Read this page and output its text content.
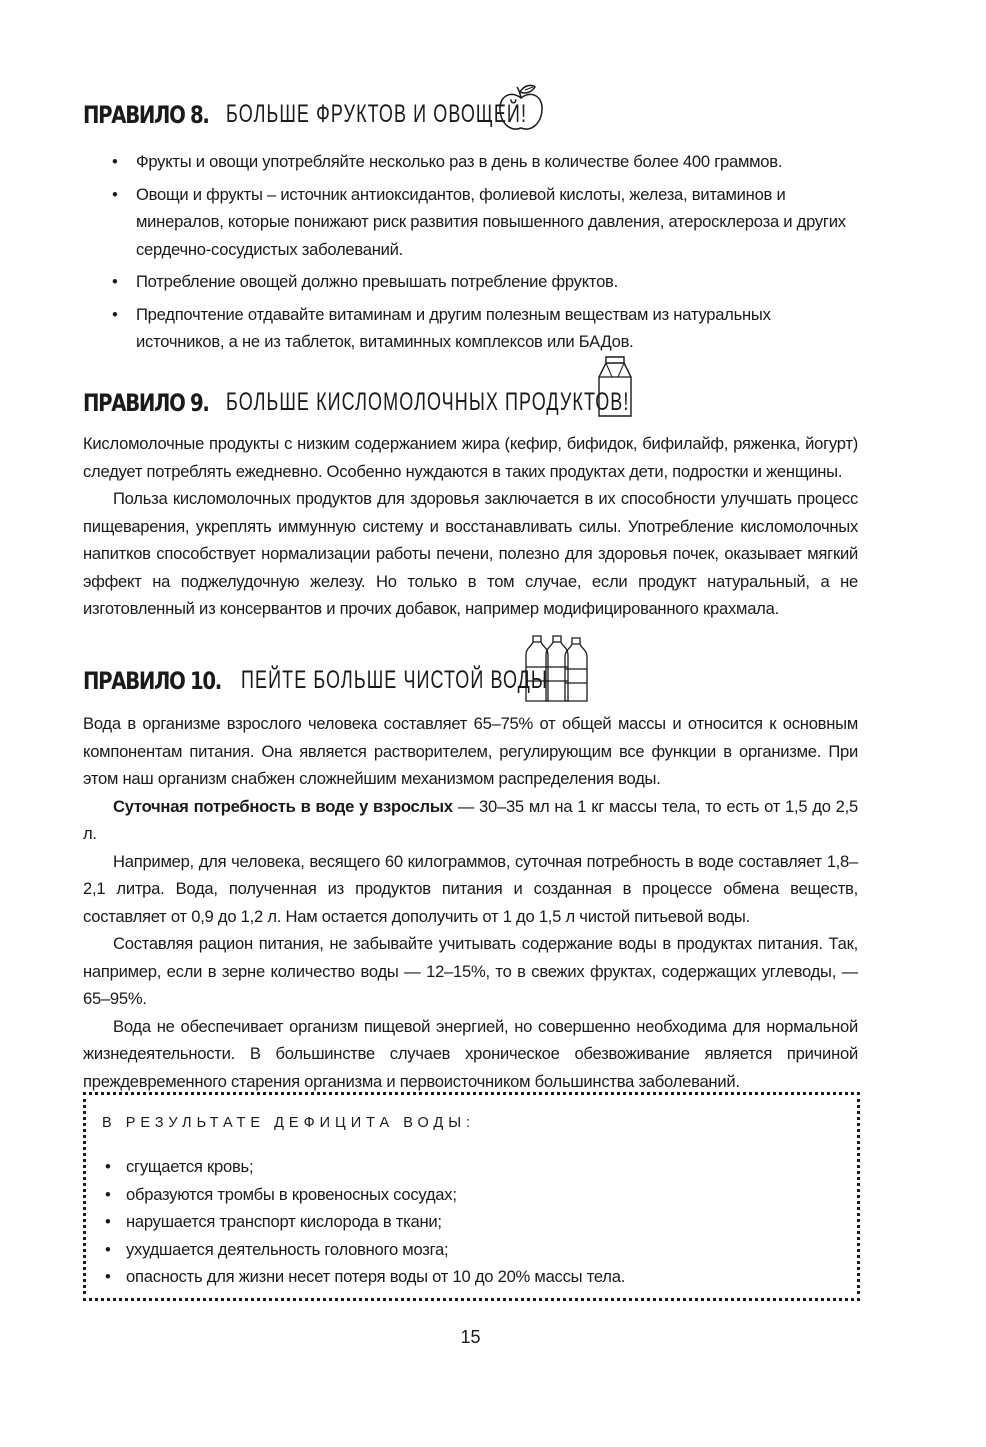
ПРАВИЛО 8. БОЛЬШЕ ФРУКТОВ И ОВОЩЕЙ!
• Фрукты и овощи употребляйте несколько раз в день в количестве более 400 граммов.
• Овощи и фрукты – источник антиоксидантов, фолиевой кислоты, железа, витаминов и минералов, которые понижают риск развития повышенного давления, атеросклероза и других сердечно-сосудистых заболеваний.
• Потребление овощей должно превышать потребление фруктов.
• Предпочтение отдавайте витаминам и другим полезным веществам из натуральных источников, а не из таблеток, витаминных комплексов или БАДов.
ПРАВИЛО 9. БОЛЬШЕ КИСЛОМОЛОЧНЫХ ПРОДУКТОВ!

Кисломолочные продукты с низким содержанием жира (кефир, бифидок, бифилайф, ряженка, йогурт) следует потреблять ежедневно. Особенно нуждаются в таких продуктах дети, подростки и женщины.

Польза кисломолочных продуктов для здоровья заключается в их способности улучшать процесс пищеварения, укреплять иммунную систему и восстанавливать силы. Употребление кисломолочных напитков способствует нормализации работы печени, полезно для здоровья почек, оказывает мягкий эффект на поджелудочную железу. Но только в том случае, если продукт натуральный, а не изготовленный из консервантов и прочих добавок, например модифицированного крахмала.

ПРАВИЛО 10. ПЕЙТЕ БОЛЬШЕ ЧИСТОЙ ВОДЫ

Вода в организме взрослого человека составляет 65–75% от общей массы и относится к основным компонентам питания. Она является растворителем, регулирующим все функции в организме. При этом наш организм снабжен сложнейшим механизмом распределения воды.

Суточная потребность в воде у взрослых — 30–35 мл на 1 кг массы тела, то есть от 1,5 до 2,5 л.

Например, для человека, весящего 60 килограммов, суточная потребность в воде составляет 1,8–2,1 литра. Вода, полученная из продуктов питания и созданная в процессе обмена веществ, составляет от 0,9 до 1,2 л. Нам остается дополучить от 1 до 1,5 л чистой питьевой воды.

Составляя рацион питания, не забывайте учитывать содержание воды в продуктах питания. Так, например, если в зерне количество воды — 12–15%, то в свежих фруктах, содержащих углеводы, — 65–95%.

Вода не обеспечивает организм пищевой энергией, но совершенно необходима для нормальной жизнедеятельности. В большинстве случаев хроническое обезвоживание является причиной преждевременного старения организма и первоисточником большинства заболеваний.

В РЕЗУЛЬТАТЕ ДЕФИЦИТА ВОДЫ:
• сгущается кровь;
• образуются тромбы в кровеносных сосудах;
• нарушается транспорт кислорода в ткани;
• ухудшается деятельность головного мозга;
• опасность для жизни несет потеря воды от 10 до 20% массы тела.
15
